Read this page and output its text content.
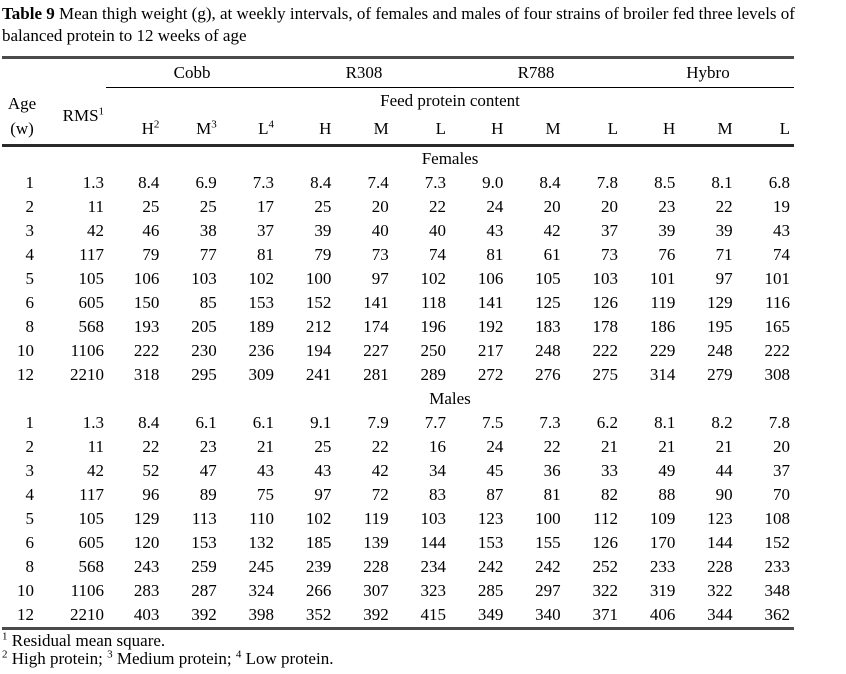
Table 9 Mean thigh weight (g), at weekly intervals, of females and males of four strains of broiler fed three levels of balanced protein to 12 weeks of age
		Cobb			R308			R788			Hybro		

Age
(w)	RMS$^1$	Feed protein content											
		$H^2$	$M^3$	$L^4$	H	M	L	H	M	L	H	M	L
		Females											
1	1.3	8.4	6.9	7.3	8.4	7.4	7.3	9.0	8.4	7.8	8.5	8.1	6.8
2	11	25	25	17	25	20	22	24	20	20	23	22	19
3	42	46	38	37	39	40	40	43	42	37	39	39	43
4	117	79	77	81	79	73	74	81	61	73	76	71	74
5	105	106	103	102	100	97	102	106	105	103	101	97	101
6	605	150	85	153	152	141	118	141	125	126	119	129	116
8	568	193	205	189	212	174	196	192	183	178	186	195	165
10	1106	222	230	236	194	227	250	217	248	222	229	248	222
12	2210	318	295	309	241	281	289	272	276	275	314	279	308
		Males											
1	1.3	8.4	6.1	6.1	9.1	7.9	7.7	7.5	7.3	6.2	8.1	8.2	7.8
2	11	22	23	21	25	22	16	24	22	21	21	21	20
3	42	52	47	43	43	42	34	45	36	33	49	44	37
4	117	96	89	75	97	72	83	87	81	82	88	90	70
5	105	129	113	110	102	119	103	123	100	112	109	123	108
6	605	120	153	132	185	139	144	153	155	126	170	144	152
8	568	243	259	245	239	228	234	242	242	252	233	228	233
10	1106	283	287	324	266	307	323	285	297	322	319	322	348
12	2210	403	392	398	352	392	415	349	340	371	406	344	362
$^1$ Residual mean square.
$^2$ High protein; $^3$ Medium protein; $^4$ Low protein.
